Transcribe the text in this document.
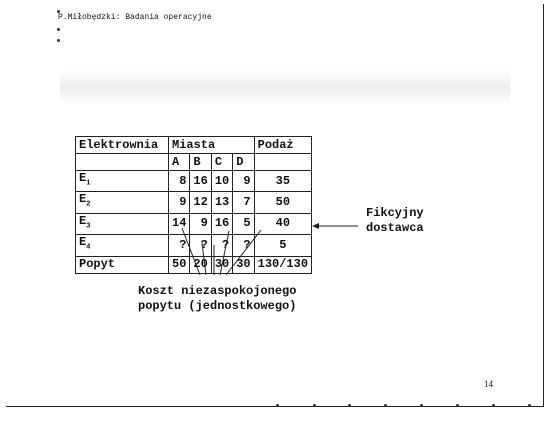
P.Miłobędzki: Badania operacyjne
Elektrownia	Miasta				Podaż
	A	B	C	D	
$E_1$	8	16	10	9	35
$E_2$	9	12	13	7	50
$E_3$	14	9	16	5	40
$E_4$	?	?	?	?	5
Popyt	50	20	30	30	130/130
Fikcyjny
dostawca
Koszt niezaspokojonego
popytu (jednostkowego)
14
